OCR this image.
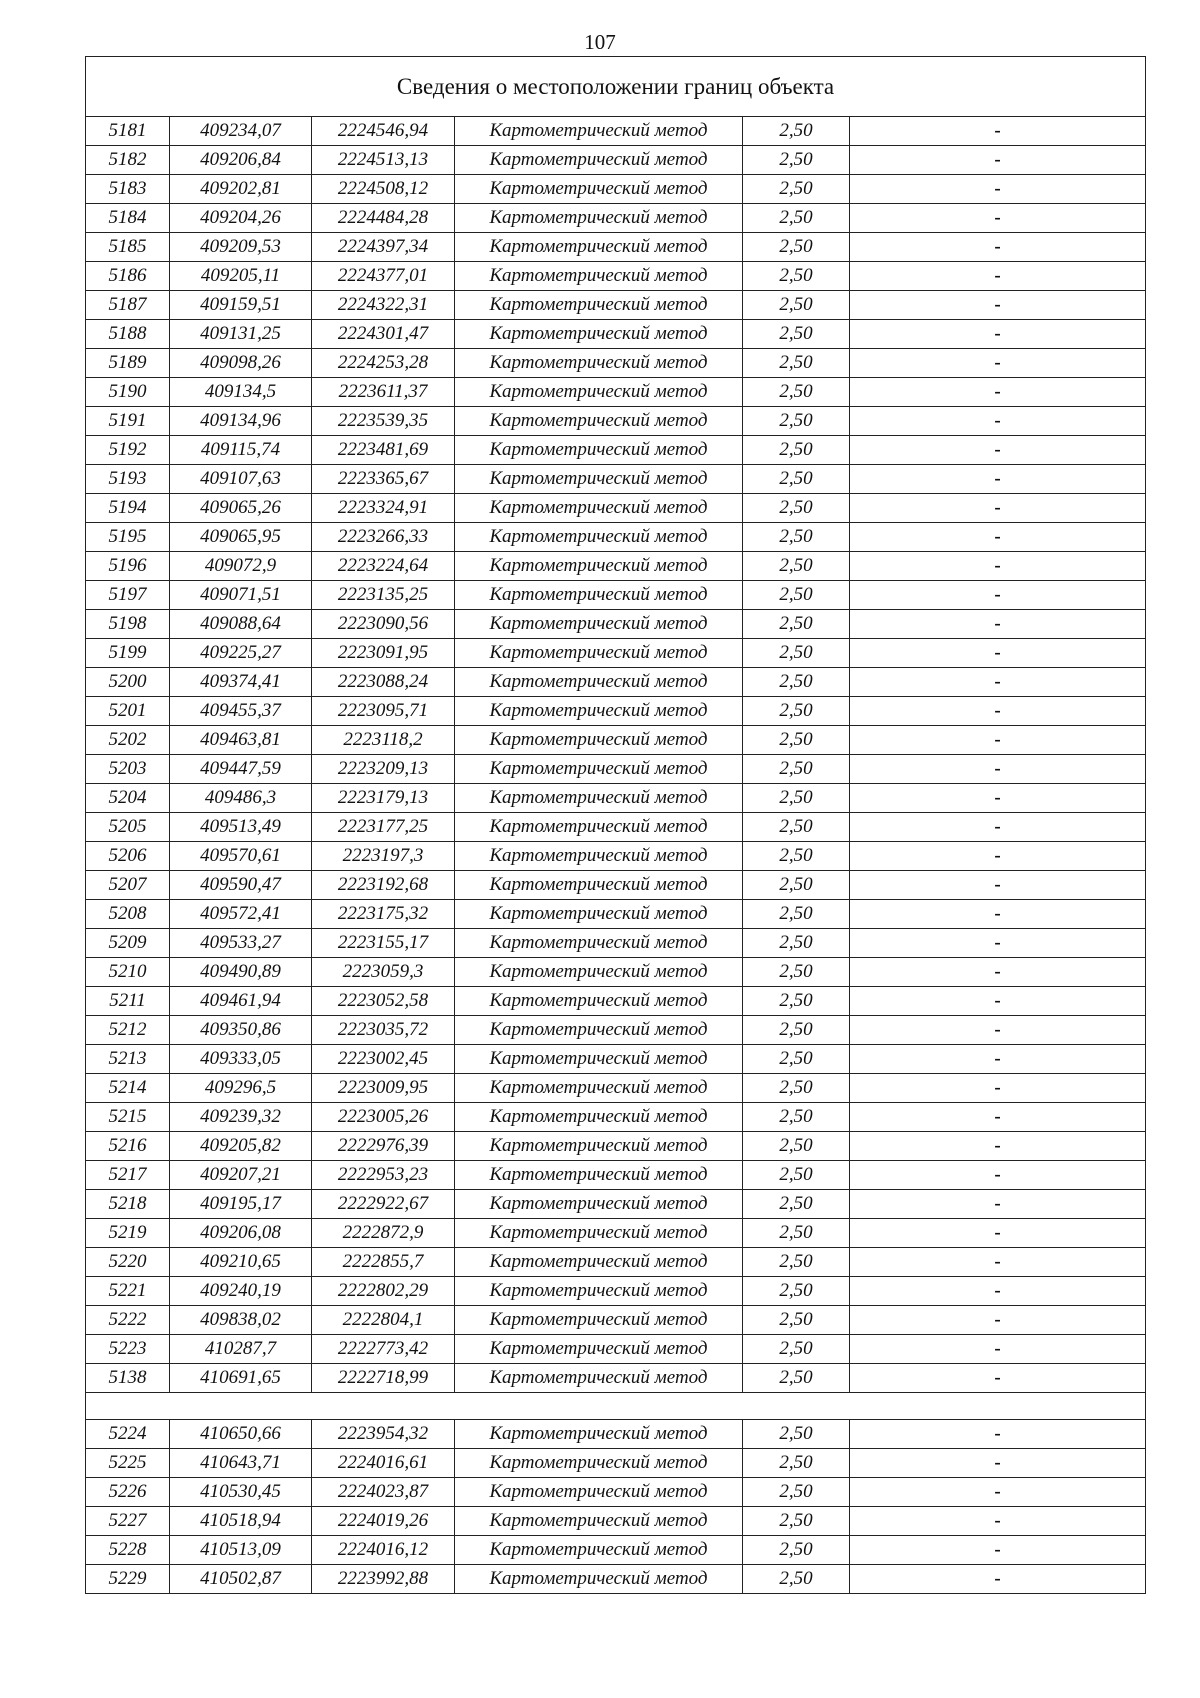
107
Сведения о местоположении границ объекта					
5181	409234,07	2224546,94	Картометрический метод	2,50	-
5182	409206,84	2224513,13	Картометрический метод	2,50	-
5183	409202,81	2224508,12	Картометрический метод	2,50	-
5184	409204,26	2224484,28	Картометрический метод	2,50	-
5185	409209,53	2224397,34	Картометрический метод	2,50	-
5186	409205,11	2224377,01	Картометрический метод	2,50	-
5187	409159,51	2224322,31	Картометрический метод	2,50	-
5188	409131,25	2224301,47	Картометрический метод	2,50	-
5189	409098,26	2224253,28	Картометрический метод	2,50	-
5190	409134,5	2223611,37	Картометрический метод	2,50	-
5191	409134,96	2223539,35	Картометрический метод	2,50	-
5192	409115,74	2223481,69	Картометрический метод	2,50	-
5193	409107,63	2223365,67	Картометрический метод	2,50	-
5194	409065,26	2223324,91	Картометрический метод	2,50	-
5195	409065,95	2223266,33	Картометрический метод	2,50	-
5196	409072,9	2223224,64	Картометрический метод	2,50	-
5197	409071,51	2223135,25	Картометрический метод	2,50	-
5198	409088,64	2223090,56	Картометрический метод	2,50	-
5199	409225,27	2223091,95	Картометрический метод	2,50	-
5200	409374,41	2223088,24	Картометрический метод	2,50	-
5201	409455,37	2223095,71	Картометрический метод	2,50	-
5202	409463,81	2223118,2	Картометрический метод	2,50	-
5203	409447,59	2223209,13	Картометрический метод	2,50	-
5204	409486,3	2223179,13	Картометрический метод	2,50	-
5205	409513,49	2223177,25	Картометрический метод	2,50	-
5206	409570,61	2223197,3	Картометрический метод	2,50	-
5207	409590,47	2223192,68	Картометрический метод	2,50	-
5208	409572,41	2223175,32	Картометрический метод	2,50	-
5209	409533,27	2223155,17	Картометрический метод	2,50	-
5210	409490,89	2223059,3	Картометрический метод	2,50	-
5211	409461,94	2223052,58	Картометрический метод	2,50	-
5212	409350,86	2223035,72	Картометрический метод	2,50	-
5213	409333,05	2223002,45	Картометрический метод	2,50	-
5214	409296,5	2223009,95	Картометрический метод	2,50	-
5215	409239,32	2223005,26	Картометрический метод	2,50	-
5216	409205,82	2222976,39	Картометрический метод	2,50	-
5217	409207,21	2222953,23	Картометрический метод	2,50	-
5218	409195,17	2222922,67	Картометрический метод	2,50	-
5219	409206,08	2222872,9	Картометрический метод	2,50	-
5220	409210,65	2222855,7	Картометрический метод	2,50	-
5221	409240,19	2222802,29	Картометрический метод	2,50	-
5222	409838,02	2222804,1	Картометрический метод	2,50	-
5223	410287,7	2222773,42	Картометрический метод	2,50	-
5138	410691,65	2222718,99	Картометрический метод	2,50	-

5224	410650,66	2223954,32	Картометрический метод	2,50	-
5225	410643,71	2224016,61	Картометрический метод	2,50	-
5226	410530,45	2224023,87	Картометрический метод	2,50	-
5227	410518,94	2224019,26	Картометрический метод	2,50	-
5228	410513,09	2224016,12	Картометрический метод	2,50	-
5229	410502,87	2223992,88	Картометрический метод	2,50	-
